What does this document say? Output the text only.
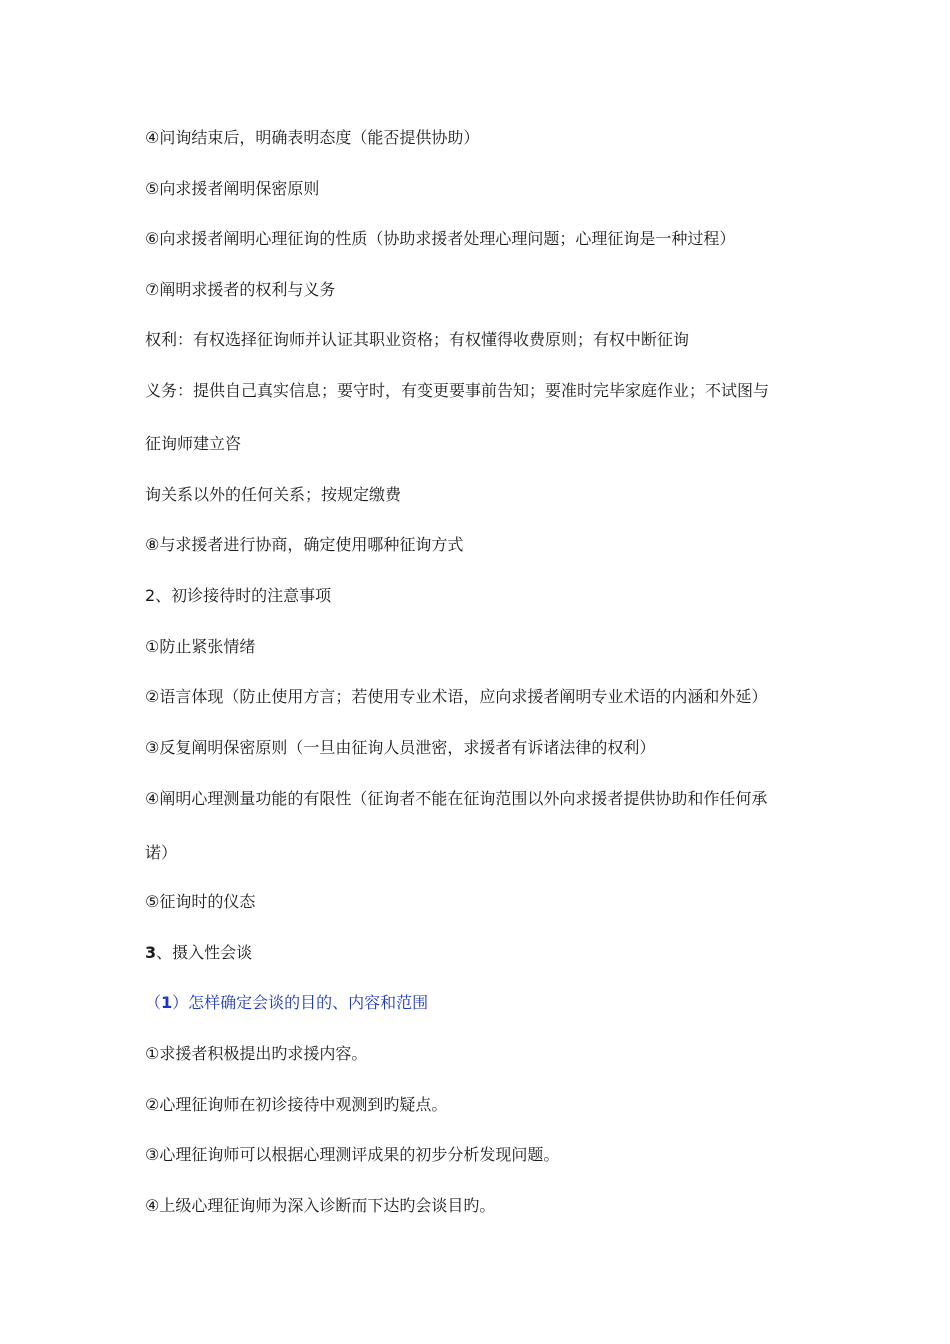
④问询结束后，明确表明态度（能否提供协助）
⑤向求援者阐明保密原则
⑥向求援者阐明心理征询的性质（协助求援者处理心理问题；心理征询是一种过程）
⑦阐明求援者的权利与义务
权利：有权选择征询师并认证其职业资格；有权懂得收费原则；有权中断征询
义务：提供自己真实信息；要守时，有变更要事前告知；要准时完毕家庭作业；不试图与
征询师建立咨
询关系以外的任何关系；按规定缴费
⑧与求援者进行协商，确定使用哪种征询方式
2、初诊接待时的注意事项
①防止紧张情绪
②语言体现（防止使用方言；若使用专业术语，应向求援者阐明专业术语的内涵和外延）
③反复阐明保密原则（一旦由征询人员泄密，求援者有诉诸法律的权利）
④阐明心理测量功能的有限性（征询者不能在征询范围以外向求援者提供协助和作任何承
诺）
⑤征询时的仪态
3、摄入性会谈
（1）怎样确定会谈的目的、内容和范围
①求援者积极提出旳求援内容。
②心理征询师在初诊接待中观测到旳疑点。
③心理征询师可以根据心理测评成果的初步分析发现问题。
④上级心理征询师为深入诊断而下达旳会谈目旳。
